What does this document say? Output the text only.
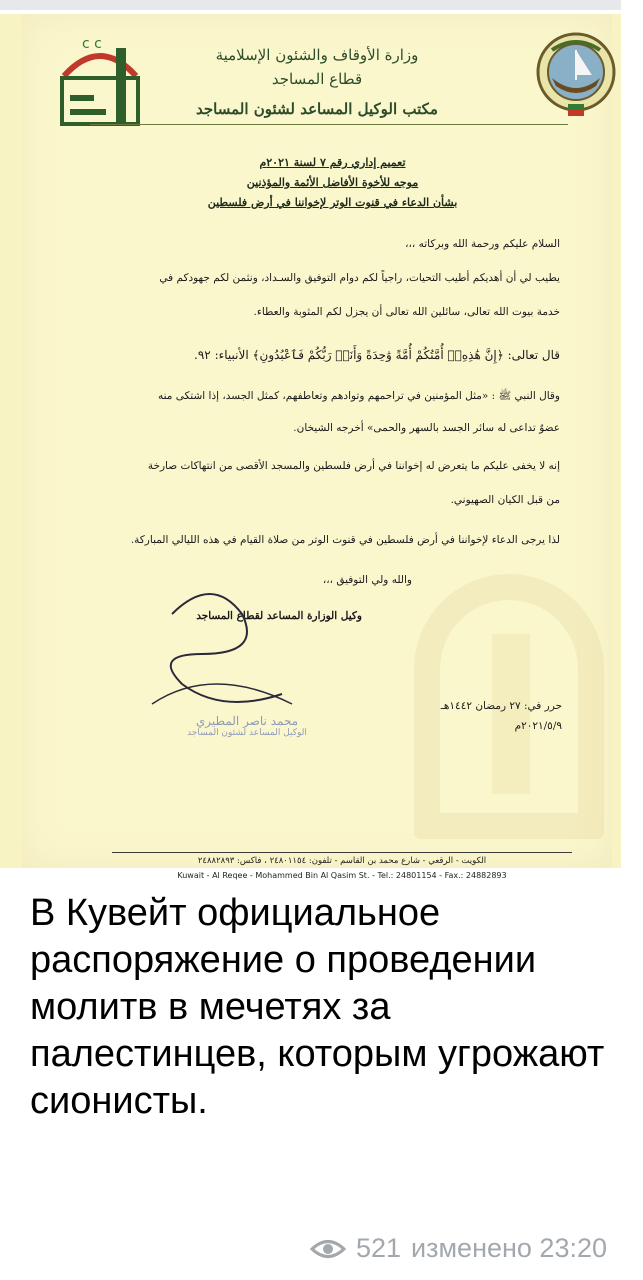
c c
وزارة الأوقاف والشئون الإسلامية
قطاع المساجد
مكتب الوكيل المساعد لشئون المساجد
تعميم إداري رقم ٧ لسنة ٢٠٢١م
موجه للأخوة الأفاضل الأئمة والمؤذنين
بشأن الدعاء في قنوت الوتر لإخواننا في أرض فلسطين
السلام عليكم ورحمة الله وبركاته ،،،
يطيب لي أن أهديكم أطيب التحيات، راجياً لكم دوام التوفيق والسـداد، ونثمن لكم جهودكم في
خدمة بيوت الله تعالى، سائلين الله تعالى أن يجزل لكم المثوبة والعطاء.
قال تعالى: ﴿إِنَّ هَٰذِهِۦٓ أُمَّتُكُمْ أُمَّةً وَٰحِدَةً وَأَنَا۠ رَبُّكُمْ فَٱعْبُدُونِ﴾ الأنبياء: ٩٢.
وقال النبي ﷺ : «مثل المؤمنين في تراحمهم وتوادهم وتعاطفهم، كمثل الجسد، إذا اشتكى منه
عضوٌ تداعى له سائر الجسد بالسهر والحمى» أخرجه الشيخان.
إنه لا يخفى عليكم ما يتعرض له إخواننا في أرض فلسطين والمسجد الأقصى من انتهاكات صارخة
من قبل الكيان الصهيوني.
لذا يرجى الدعاء لإخواننا في أرض فلسطين في قنوت الوتر من صلاة القيام في هذه الليالي المباركة.
والله ولي التوفيق ،،،
وكيل الوزارة المساعد لقطاع المساجد
محمد ناصر المطيري
الوكيل المساعد لشئون المساجد
حرر في: ٢٧ رمضان ١٤٤٢هـ
٢٠٢١/٥/٩م
الكويت - الرقعي - شارع محمد بن القاسم - تلفون: ٢٤٨٠١١٥٤ ، فاكس: ٢٤٨٨٢٨٩٣
Kuwait - Al Reqee - Mohammed Bin Al Qasim St. - Tel.: 24801154 - Fax.: 24882893
В Кувейт официальное распоряжение о проведении молитв в мечетях за палестинцев, которым угрожают сионисты.
521 изменено 23:20
